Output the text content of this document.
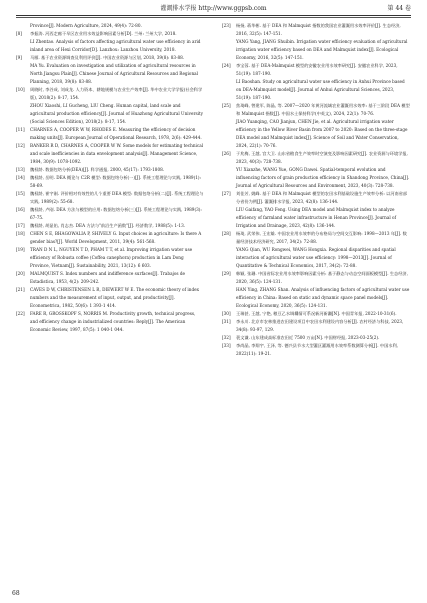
灌溉排水学报 http://www.ggpsb.com	第 44 卷
Province[J]. Modern Agriculture, 2024, 49(4): 72-80.
[8] 李振涛. 河西走廊干旱区农业用水效益影响因素分析[D]. 兰州: 兰州大学, 2018.
LI Zhentao. Analysis of factors affecting agricultural water use efficiency in arid inland area of Hexi Corridor[D]. Lanzhou: Lanzhou University, 2018.
[9] 马雁. 基于农业资源调查及利用评价[J]. 中国农业资源与区划, 2018, 39(8): 83-88.
MA Yu. Evaluation on investigation and utilization of agricultural resources in North Jiangsu Plain[J]. Chinese Journal of Agricultural Resources and Regional Planning, 2018, 39(8): 83-88.
[10] 周晓时, 李谷成, 刘成龙. 人力资本、耕地规模与农业生产效率[J]. 华中农业大学学报(社会科学版), 2018(2): 8-17, 154.
ZHOU Xiaoshi, LI Gucheng, LIU Cheng. Human capital, land scale and agricultural production efficiency[J]. Journal of Huazhong Agricultural University (Social Sciences Edition), 2018(2): 8-17, 154.
[11] CHARNES A, COOPER W W, RHODES E. Measuring the efficiency of decision making units[J]. European Journal of Operational Research, 1978, 2(6): 429-444.
[12] BANKER R D, CHARNES A, COOPER W W. Some models for estimating technical and scale inefficiencies in data envelopment analysis[J]. Management Science, 1984, 30(9): 1078-1092.
[13] 魏权龄. 数据包络分析(DEA)[J]. 科学通报, 2000, 45(17): 1793-1808.
[14] 魏权龄, 岳明. DEA 概论与 C2R 模型: 数据包络分析(一)[J]. 系统工程理论与实践, 1989(1): 58-69.
[15] 魏权龄, 崔宇刚. 评价相对有效性的几个重要 DEA 模型: 数据包络分析(二)[J]. 系统工程理论与实践, 1989(2): 55-68.
[16] 魏权龄, 卢刚. DEA 方法与模型的应用: 数据包络分析(三)[J]. 系统工程理论与实践, 1989(3): 67-75.
[17] 魏权龄, 胡显佑, 肖志杰. DEA 方法与"前沿生产函数"[J]. 经济数学, 1988(5): 1-13.
[18] CHEN S E, BHAGOWALIA P, SHIVELY G. Input choices in agriculture: Is there A gender bias?[J]. World Development, 2011, 39(4): 561-568.
[19] TRAN D N L, NGUYEN T D, PHAM T T, et al. Improving irrigation water use efficiency of Robusta coffee (Coffea canephora) production in Lam Dong Province, Vietnam[J]. Sustainability, 2021, 13(12): 6 603.
[20] MALMQUIST S. Index numbers and indifference surfaces[J]. Trabajos de Estadistica, 1953, 4(2): 209-242.
[21] CAVES D W, CHRISTENSEN L R, DIEWERT W E. The economic theory of index numbers and the measurement of input, output, and productivity[J]. Econometrica, 1982, 50(6): 1 393-1 414.
[22] FARE R, GROSSKOPF S, NORRIS M. Productivity growth, technical progress, and efficiency change in industrialized countries: Reply[J]. The American Economic Review, 1997, 87(5): 1 040-1 044.
[23] 杨扬, 蒋华彬. 基于 DEA 和 Malmquist 指数的我国农业灌溉用水效率评价[J]. 生态经济, 2016, 32(5): 147-151.
YANG Yang, JIANG Shuibin. Irrigation water efficiency evaluation of agricultural irrigation water efficiency based on DEA and Malmquist index[J]. Ecological Economy, 2016, 32(5): 147-151.
[24] 李宝蓉. 基于 DEA-Malmquist 模型的安徽农业用水效率研究[J]. 安徽农业科学, 2023, 51(19): 187-190.
LI Baoshan. Study on agricultural water use efficiency in Anhui Province based on DEA-Malmquist model[J]. Journal of Anhui Agricultural Sciences, 2023, 51(19): 187-190.
[25] 焦琦峰, 曾建军, 陈晶, 等. 2007—2020 年黄河流域农业灌溉用水效率: 基于三阶段 DEA 模型和 Malmquist 指数[J]. 中国水土保持科学(中英文), 2024, 22(1): 70-76.
JIAO Yuanqing, CAO Jianjun, CHEN Jie, et al. Agricultural irrigation water efficiency in the Yellow River Basin from 2007 to 2020: Based on the three-stage DEA model and Malmquist index[J]. Science of Soil and Water Conservation, 2024, 22(1): 70-76.
[26] 于兆梅, 王越, 宫大卫. 山东省粮食生产效率时空演变及影响因素研究[J]. 农业资源与环境学报, 2023, 40(3): 728-738.
YU Xianzhe, WANG Yue, GONG Dawei. Spatial-temporal evolution and influencing factors of grain production efficiency in Shandong Province, China[J]. Journal of Agricultural Resources and Environment, 2023, 40(3): 728-738.
[27] 刘佳芳, 姚峰. 基于 DEA 和 Malmquist 模型的农田水利基础设施生产效率分析: 以河南省部分省份为例[J]. 灌溉排水学报, 2023, 42(8): 136-144.
LIU Gaifang, YAO Feng. Using DEA model and Malmquist index to analyze efficiency of farmland water infrastructure in Henan Province[J]. Journal of Irrigation and Drainage, 2023, 42(8): 136-144.
[28] 杨琦, 武荣伟, 王宏雄. 中国农业用水效率的分布格局与空间交互影响: 1998—2013 年[J]. 数量经济技术经济研究, 2017, 34(2): 72-88.
YANG Qian, WU Rongwei, WANG Hongxia. Regional disparities and spatial interaction of agricultural water use efficiency: 1998—2013[J]. Journal of Quantitative & Technical Economics, 2017, 34(2): 72-88.
[29] 韩颖, 张珊. 中国省际农业用水效率影响因素分析: 基于静态与动态空间面板模型[J]. 生态经济, 2020, 36(5): 124-131.
HAN Ying, ZHANG Shan. Analysis of influencing factors of agricultural water use efficiency in China: Based on static and dynamic space panel models[J]. Ecological Economy, 2020, 36(5): 124-131.
[30] 王瑞甚, 王越, 宁艳, 粮豆乙水调耦情可系况新河新疆[N]. 中国青年报, 2022-10-31(6).
[31] 李永川. 北京市农林推进农田建设项目中农田水利建设内容分析[J]. 农村经济与科技, 2023, 34(8): 93-97, 129.
[32] 裴文谦. 山东建成高标准农田近 7500 万亩[N]. 中国财经报, 2023-03-25(2).
[33] 李尚晶, 李翔宇, 王泽, 等. 德兴县节水大型灌区灌溉用水效率系数测算分析[J]. 中国水利, 2022(11): 19-21.
68
